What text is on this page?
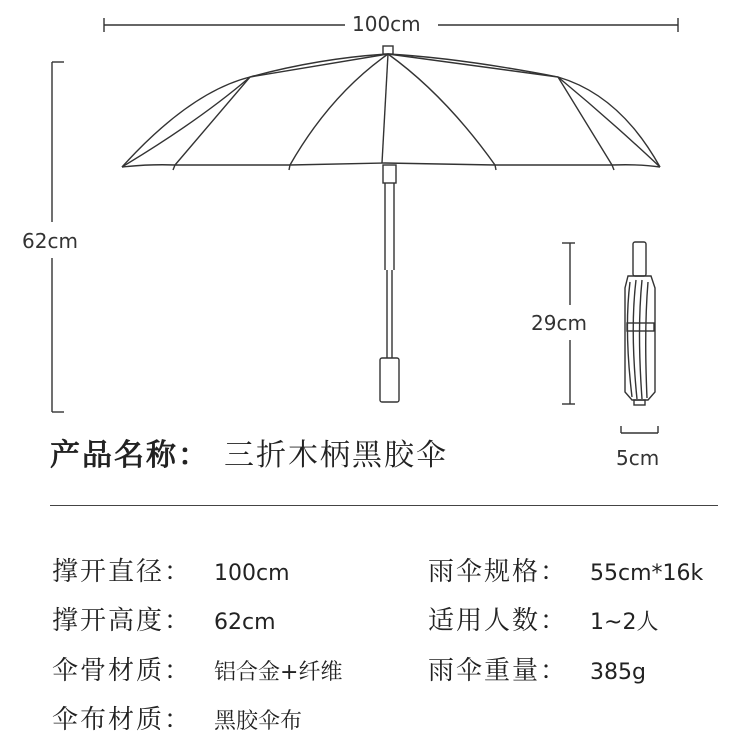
100cm
62cm
29cm
5cm
产品名称： 三折木柄黑胶伞
撑开直径： 100cm	雨伞规格： 55cm*16k
撑开高度： 62cm	适用人数： 1~2人
伞骨材质： 铝合金+纤维	雨伞重量： 385g
伞布材质： 黑胶伞布
